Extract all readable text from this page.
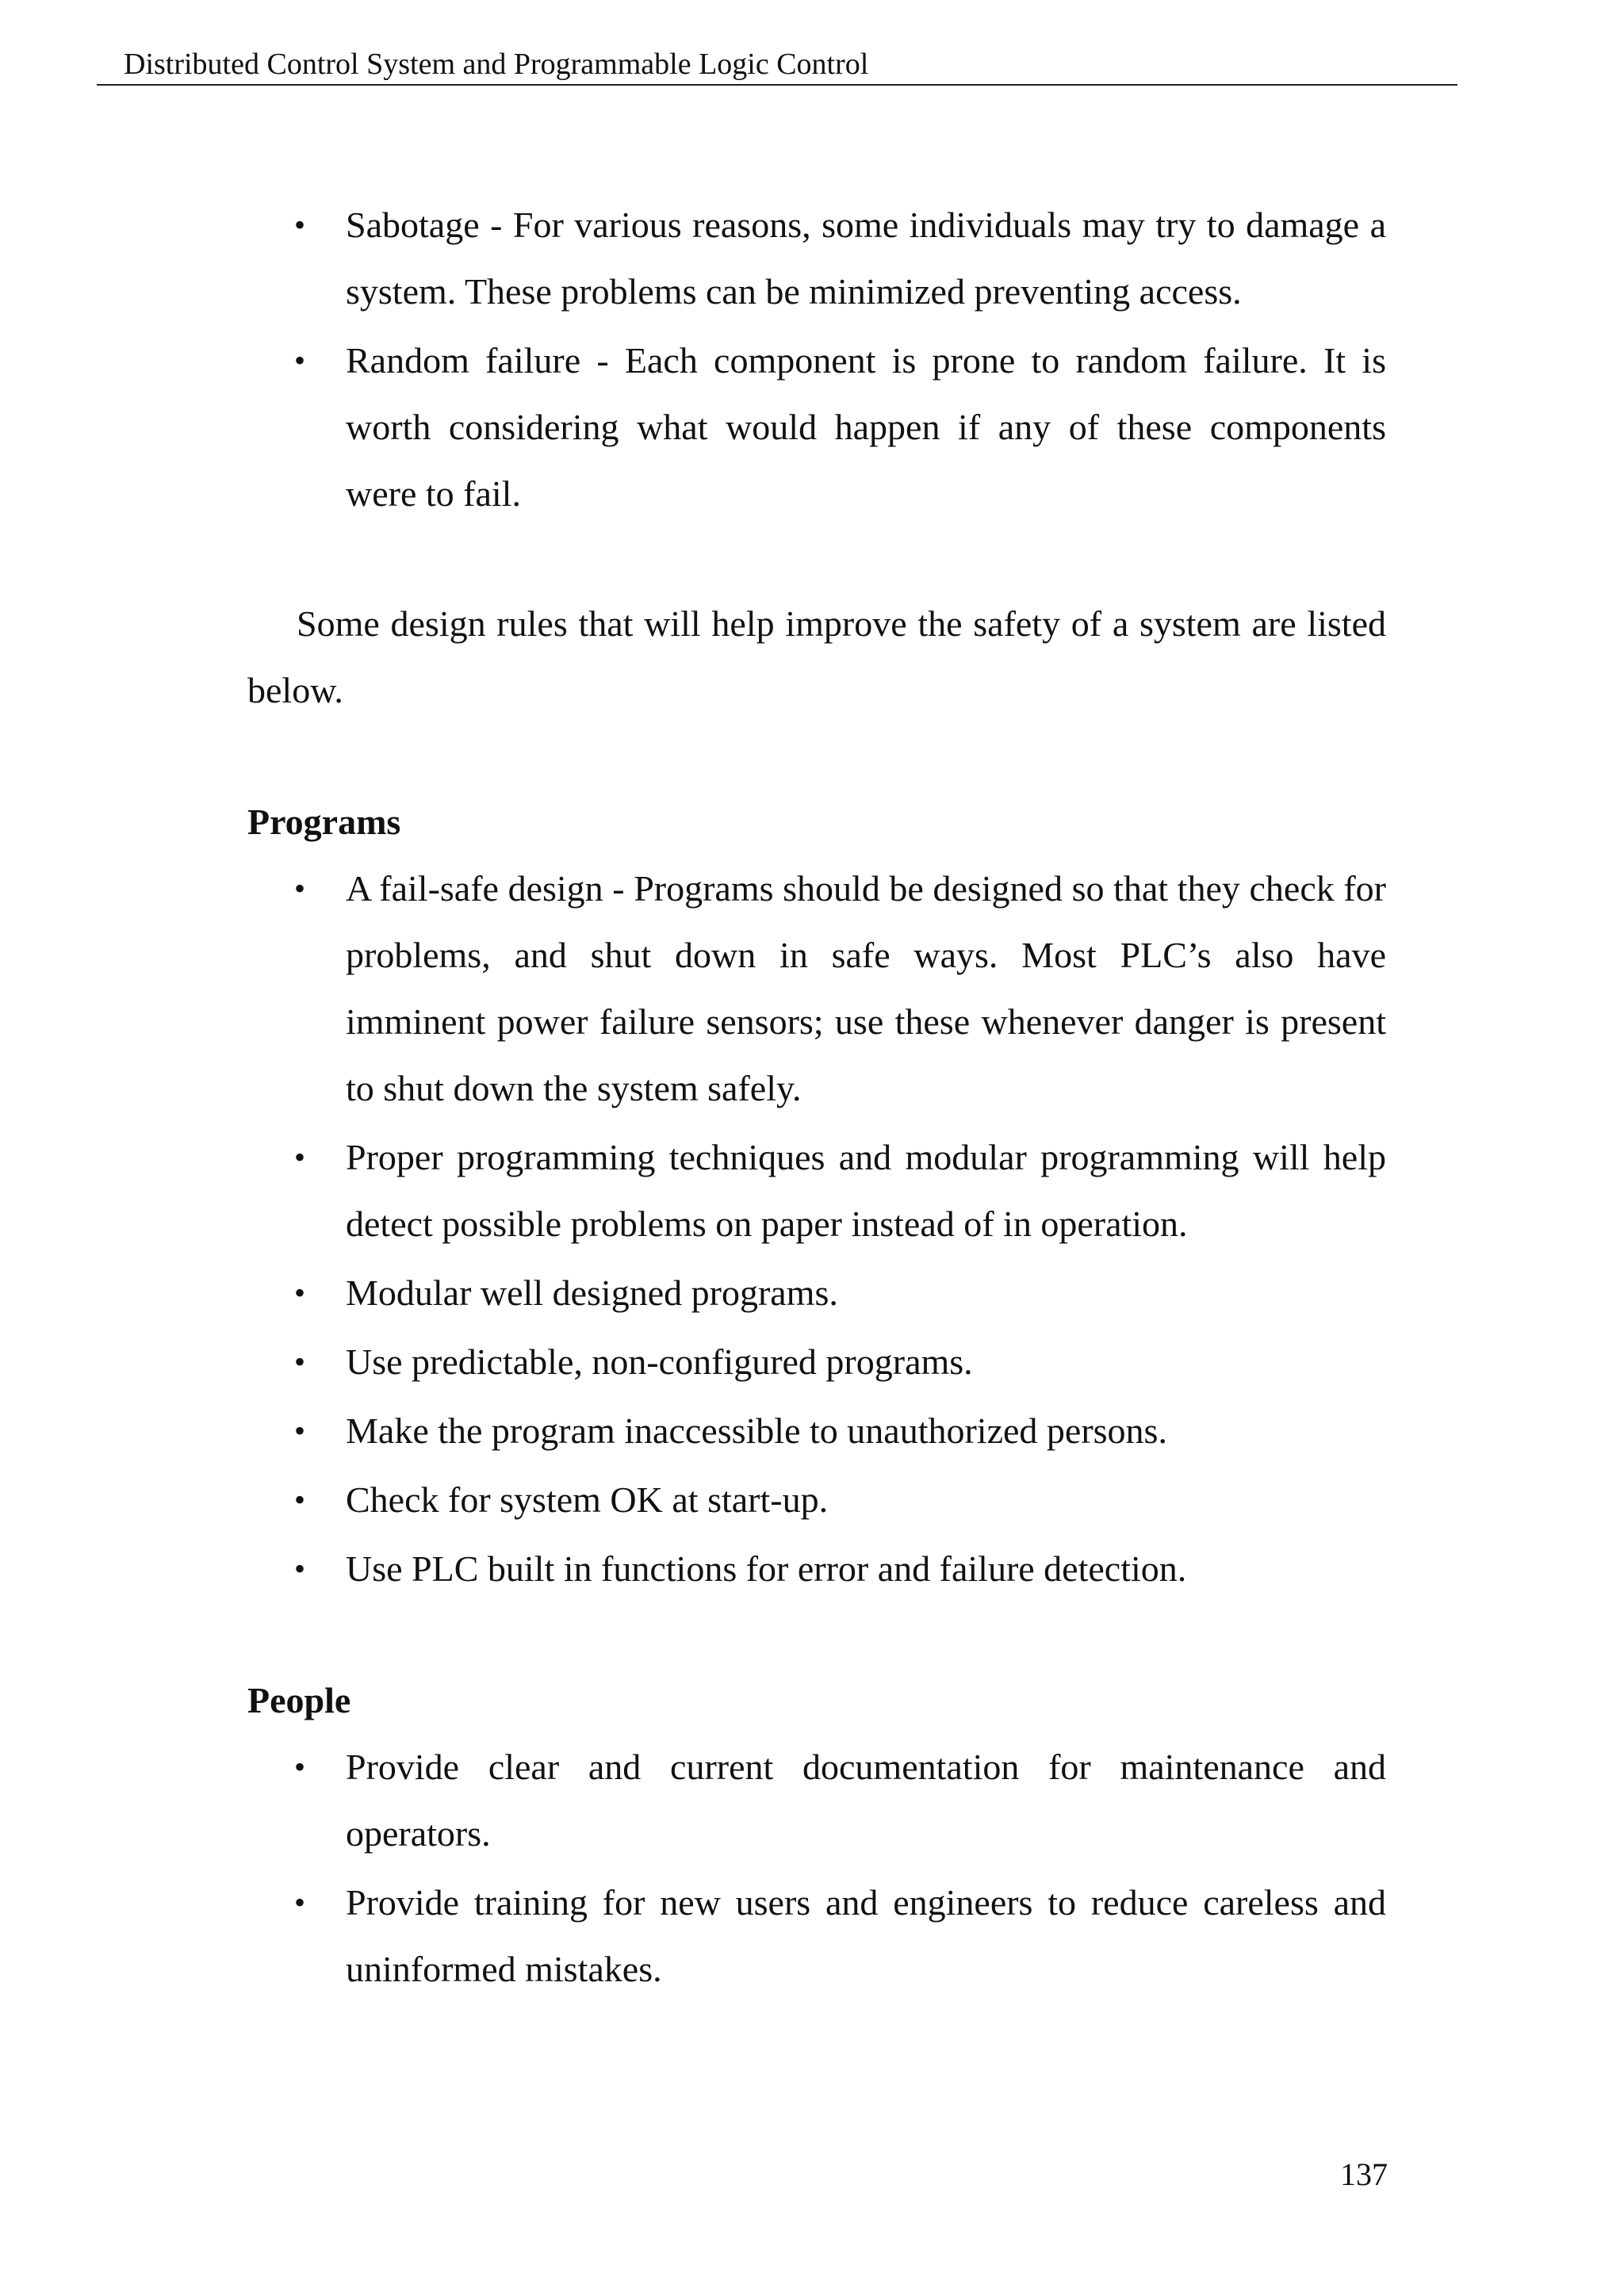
Distributed Control System and Programmable Logic Control
• Sabotage - For various reasons, some individuals may try to damage a system. These problems can be minimized preventing access.
• Random failure - Each component is prone to random failure. It is worth considering what would happen if any of these components were to fail.

Some design rules that will help improve the safety of a system are listed below.

Programs
• A fail-safe design - Programs should be designed so that they check for problems, and shut down in safe ways. Most PLC’s also have imminent power failure sensors; use these whenever danger is present to shut down the system safely.
• Proper programming techniques and modular programming will help detect possible problems on paper instead of in operation.
• Modular well designed programs.
• Use predictable, non-configured programs.
• Make the program inaccessible to unauthorized persons.
• Check for system OK at start-up.
• Use PLC built in functions for error and failure detection.
People
• Provide clear and current documentation for maintenance and operators.
• Provide training for new users and engineers to reduce careless and uninformed mistakes.
137
